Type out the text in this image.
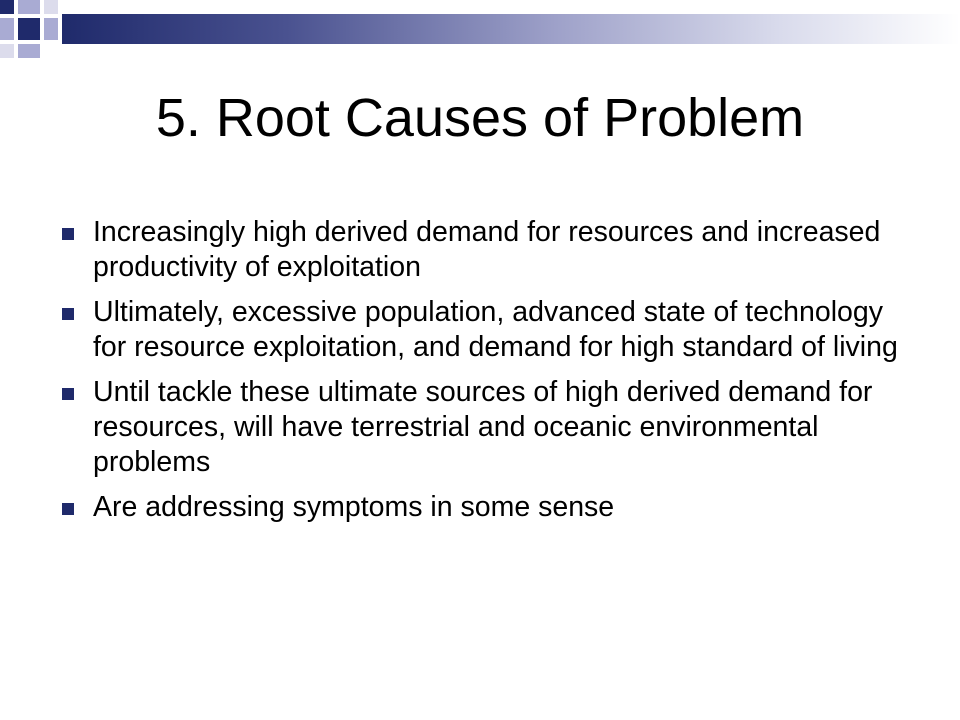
5. Root Causes of Problem
Increasingly high derived demand for resources and increased productivity of exploitation
Ultimately, excessive population, advanced state of technology for resource exploitation, and demand for high standard of living
Until tackle these ultimate sources of high derived demand for resources, will have terrestrial and oceanic environmental problems
Are addressing symptoms in some sense
